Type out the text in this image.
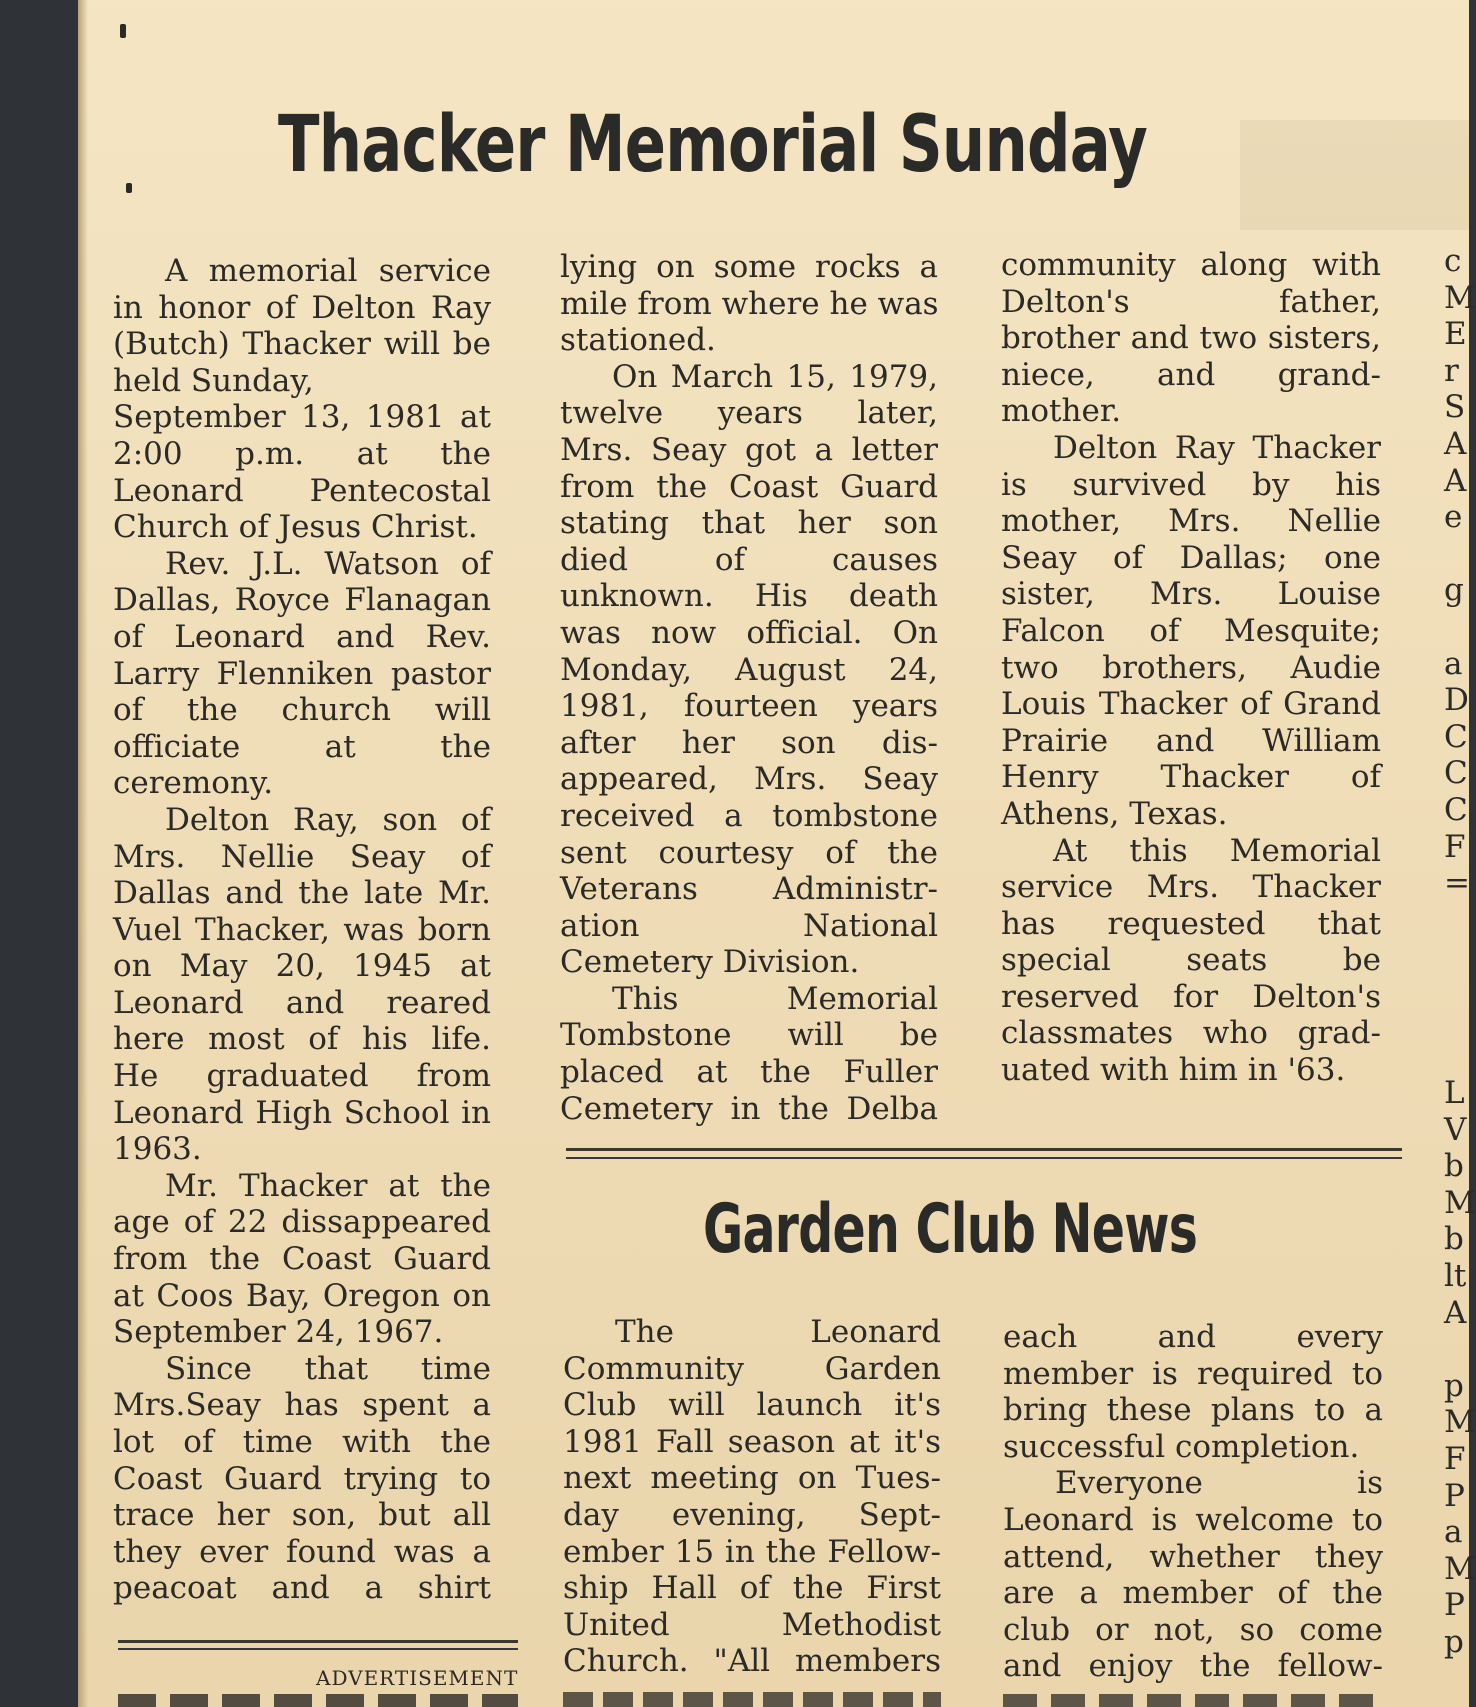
Thacker Memorial Sunday
A memorial service
in honor of Delton Ray
(Butch) Thacker will be
held Sunday,
September 13, 1981 at
2:00 p.m. at the
Leonard Pentecostal
Church of Jesus Christ.
Rev. J.L. Watson of
Dallas, Royce Flanagan
of Leonard and Rev.
Larry Flenniken pastor
of the church will
officiate at the
ceremony.
Delton Ray, son of
Mrs. Nellie Seay of
Dallas and the late Mr.
Vuel Thacker, was born
on May 20, 1945 at
Leonard and reared
here most of his life.
He graduated from
Leonard High School in
1963.
Mr. Thacker at the
age of 22 dissappeared
from the Coast Guard
at Coos Bay, Oregon on
September 24, 1967.
Since that time
Mrs.Seay has spent a
lot of time with the
Coast Guard trying to
trace her son, but all
they ever found was a
peacoat and a shirt
lying on some rocks a
mile from where he was
stationed.
On March 15, 1979,
twelve years later,
Mrs. Seay got a letter
from the Coast Guard
stating that her son
died of causes
unknown. His death
was now official. On
Monday, August 24,
1981, fourteen years
after her son dis-
appeared, Mrs. Seay
received a tombstone
sent courtesy of the
Veterans Administr-
ation National
Cemetery Division.
This Memorial
Tombstone will be
placed at the Fuller
Cemetery in the Delba
community along with
Delton's father,
brother and two sisters,
niece, and grand-
mother.
Delton Ray Thacker
is survived by his
mother, Mrs. Nellie
Seay of Dallas; one
sister, Mrs. Louise
Falcon of Mesquite;
two brothers, Audie
Louis Thacker of Grand
Prairie and William
Henry Thacker of
Athens, Texas.
At this Memorial
service Mrs. Thacker
has requested that
special seats be
reserved for Delton's
classmates who grad-
uated with him in '63.
Garden Club News
The Leonard
Community Garden
Club will launch it's
1981 Fall season at it's
next meeting on Tues-
day evening, Sept-
ember 15 in the Fellow-
ship Hall of the First
United Methodist
Church. "All members
each and every
member is required to
bring these plans to a
successful completion.
Everyone is
Leonard is welcome to
attend, whether they
are a member of the
club or not, so come
and enjoy the fellow-
ADVERTISEMENT
c
M
E
r
S
A
A
e
g
a
D
C
C
C
F
=
L
V
b
M
b
lt
A
p
M
F
P
a
M
P
p
